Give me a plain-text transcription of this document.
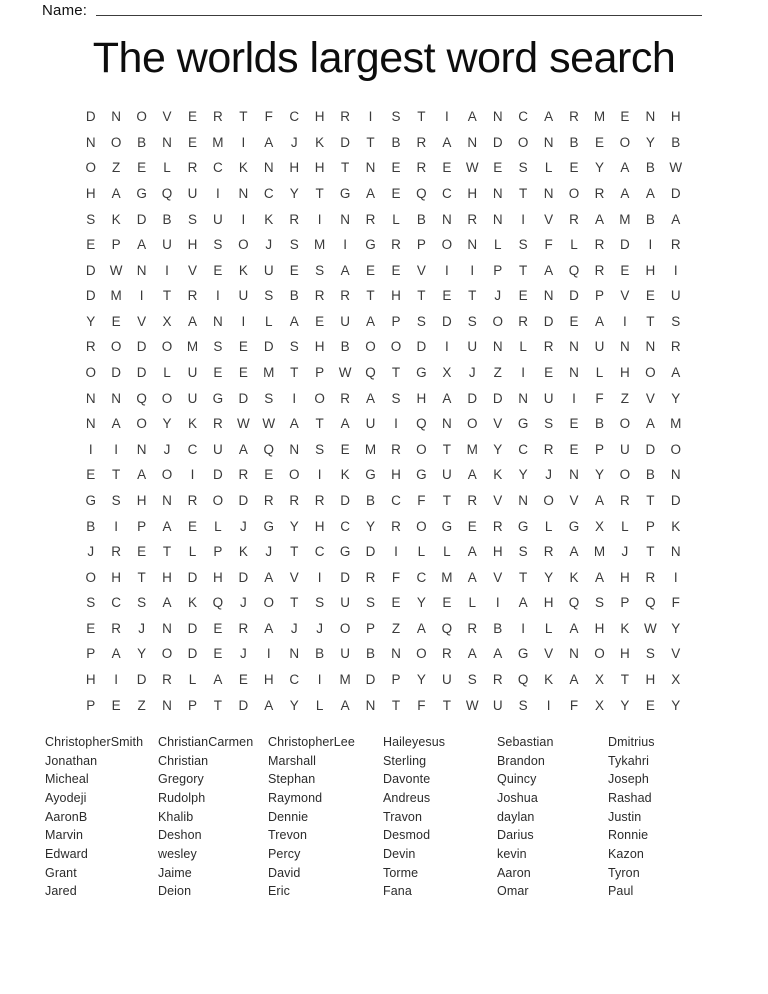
Name:
The worlds largest word search
D	N	O	V	E	R	T	F	C	H	R	I	S	T	I	A	N	C	A	R	M	E	N	H
N	O	B	N	E	M	I	A	J	K	D	T	B	R	A	N	D	O	N	B	E	O	Y	B
O	Z	E	L	R	C	K	N	H	H	T	N	E	R	E	W	E	S	L	E	Y	A	B	W
H	A	G	Q	U	I	N	C	Y	T	G	A	E	Q	C	H	N	T	N	O	R	A	A	D
S	K	D	B	S	U	I	K	R	I	N	R	L	B	N	R	N	I	V	R	A	M	B	A
E	P	A	U	H	S	O	J	S	M	I	G	R	P	O	N	L	S	F	L	R	D	I	R
D	W	N	I	V	E	K	U	E	S	A	E	E	V	I	I	P	T	A	Q	R	E	H	I
D	M	I	T	R	I	U	S	B	R	R	T	H	T	E	T	J	E	N	D	P	V	E	U
Y	E	V	X	A	N	I	L	A	E	U	A	P	S	D	S	O	R	D	E	A	I	T	S
R	O	D	O	M	S	E	D	S	H	B	O	O	D	I	U	N	L	R	N	U	N	N	R
O	D	D	L	U	E	E	M	T	P	W	Q	T	G	X	J	Z	I	E	N	L	H	O	A
N	N	Q	O	U	G	D	S	I	O	R	A	S	H	A	D	D	N	U	I	F	Z	V	Y
N	A	O	Y	K	R	W W	A	T	A	U	I	Q	N	O	V	G	S	E	B	O	A	M
I	I	N	J	C	U	A	Q	N	S	E	M	R	O	T	M	Y	C	R	E	P	U	D	O
E	T	A	O	I	D	R	E	O	I	K	G	H	G	U	A	K	Y	J	N	Y	O	B	N
G	S	H	N	R	O	D	R	R	R	D	B	C	F	T	R	V	N	O	V	A	R	T	D
B	I	P	A	E	L	J	G	Y	H	C	Y	R	O	G	E	R	G	L	G	X	L	P	K
J	R	E	T	L	P	K	J	T	C	G	D	I	L	L	A	H	S	R	A	M	J	T	N
O	H	T	H	D	H	D	A	V	I	D	R	F	C	M	A	V	T	Y	K	A	H	R	I
S	C	S	A	K	Q	J	O	T	S	U	S	E	Y	E	L	I	A	H	Q	S	P	Q	F
E	R	J	N	D	E	R	A	J	J	O	P	Z	A	Q	R	B	I	L	A	H	K	W	Y
P	A	Y	O	D	E	J	I	N	B	U	B	N	O	R	A	A	G	V	N	O	H	S	V
H	I	D	R	L	A	E	H	C	I	M	D	P	Y	U	S	R	Q	K	A	X	T	H	X
P	E	Z	N	P	T	D	A	Y	L	A	N	T	F	T	W	U	S	I	F	X	Y	E	Y
ChristopherSmith
Jonathan
Micheal
Ayodeji
AaronB
Marvin
Edward
Grant
Jared
ChristianCarmen
Christian
Gregory
Rudolph
Khalib
Deshon
wesley
Jaime
Deion
ChristopherLee
Marshall
Stephan
Raymond
Dennie
Trevon
Percy
David
Eric
Haileyesus
Sterling
Davonte
Andreus
Travon
Desmod
Devin
Torme
Fana
Sebastian
Brandon
Quincy
Joshua
daylan
Darius
kevin
Aaron
Omar
Dmitrius
Tykahri
Joseph
Rashad
Justin
Ronnie
Kazon
Tyron
Paul
